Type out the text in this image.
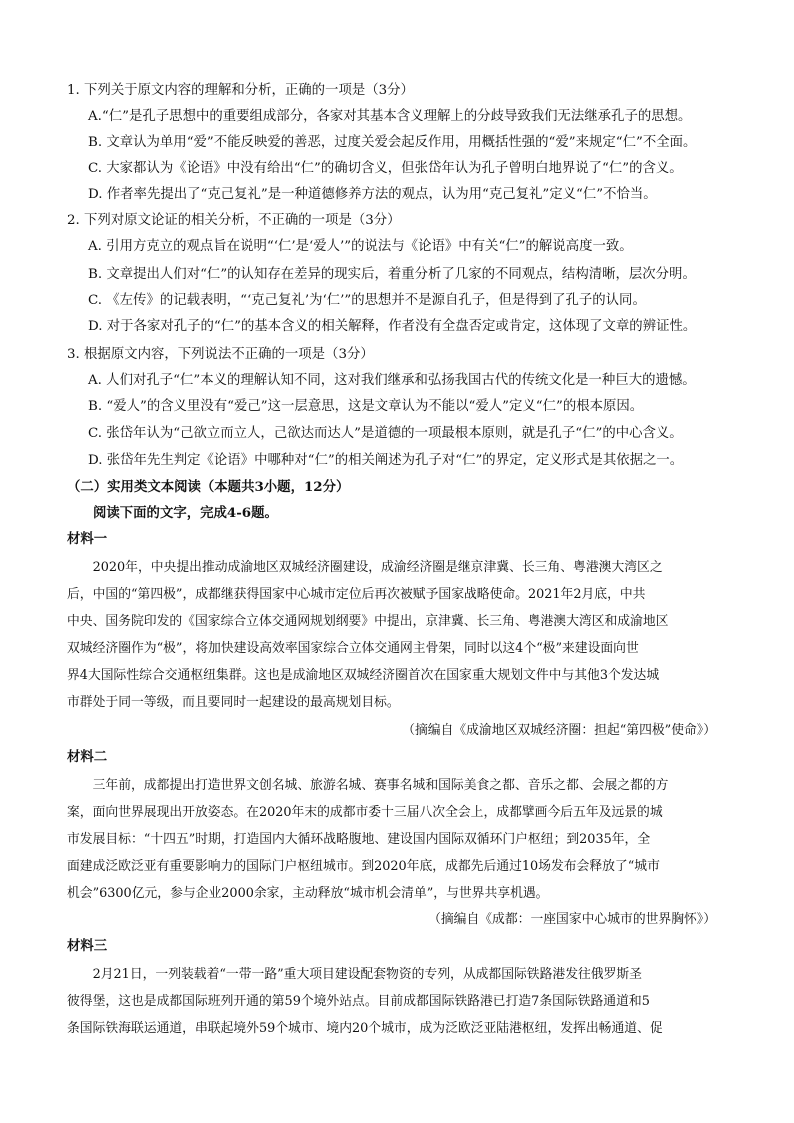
1. 下列关于原文内容的理解和分析，正确的一项是（3分）
A.“仁”是孔子思想中的重要组成部分，各家对其基本含义理解上的分歧导致我们无法继承孔子的思想。
B. 文章认为单用“爱”不能反映爱的善恶，过度关爱会起反作用，用概括性强的“爱”来规定“仁”不全面。
C. 大家都认为《论语》中没有给出“仁”的确切含义，但张岱年认为孔子曾明白地界说了“仁”的含义。
D. 作者率先提出了“克己复礼”是一种道德修养方法的观点，认为用“克己复礼”定义“仁”不恰当。
2. 下列对原文论证的相关分析，不正确的一项是（3分）
A. 引用方克立的观点旨在说明“‘仁’是‘爱人’”的说法与《论语》中有关“仁”的解说高度一致。
B. 文章提出人们对“仁”的认知存在差异的现实后，着重分析了几家的不同观点，结构清晰，层次分明。
C. 《左传》的记载表明，“‘克己复礼’为‘仁’”的思想并不是源自孔子，但是得到了孔子的认同。
D. 对于各家对孔子的“仁”的基本含义的相关解释，作者没有全盘否定或肯定，这体现了文章的辨证性。
3. 根据原文内容，下列说法不正确的一项是（3分）
A. 人们对孔子“仁”本义的理解认知不同，这对我们继承和弘扬我国古代的传统文化是一种巨大的遗憾。
B. “爱人”的含义里没有“爱己”这一层意思，这是文章认为不能以“爱人”定义“仁”的根本原因。
C. 张岱年认为“己欲立而立人，己欲达而达人”是道德的一项最根本原则，就是孔子“仁”的中心含义。
D. 张岱年先生判定《论语》中哪种对“仁”的相关阐述为孔子对“仁”的界定，定义形式是其依据之一。
（二）实用类文本阅读（本题共3小题，12分）
阅读下面的文字，完成4-6题。
材料一
　　2020年，中央提出推动成渝地区双城经济圈建设，成渝经济圈是继京津冀、长三角、粤港澳大湾区之
后，中国的“第四极”，成都继获得国家中心城市定位后再次被赋予国家战略使命。2021年2月底，中共
中央、国务院印发的《国家综合立体交通网规划纲要》中提出，京津冀、长三角、粤港澳大湾区和成渝地区
双城经济圈作为“极”，将加快建设高效率国家综合立体交通网主骨架，同时以这4个“极”来建设面向世
界4大国际性综合交通枢纽集群。这也是成渝地区双城经济圈首次在国家重大规划文件中与其他3个发达城
市群处于同一等级，而且要同时一起建设的最高规划目标。
（摘编自《成渝地区双城经济圈：担起“第四极”使命》）
材料二
　　三年前，成都提出打造世界文创名城、旅游名城、赛事名城和国际美食之都、音乐之都、会展之都的方
案，面向世界展现出开放姿态。在2020年末的成都市委十三届八次全会上，成都擘画今后五年及远景的城
市发展目标：“十四五”时期，打造国内大循环战略腹地、建设国内国际双循环门户枢纽；到2035年，全
面建成泛欧泛亚有重要影响力的国际门户枢纽城市。到2020年底，成都先后通过10场发布会释放了“城市
机会”6300亿元，参与企业2000余家，主动释放“城市机会清单”，与世界共享机遇。
（摘编自《成都：一座国家中心城市的世界胸怀》）
材料三
　　2月21日，一列装载着“一带一路”重大项目建设配套物资的专列，从成都国际铁路港发往俄罗斯圣
彼得堡，这也是成都国际班列开通的第59个境外站点。目前成都国际铁路港已打造7条国际铁路通道和5
条国际铁海联运通道，串联起境外59个城市、境内20个城市，成为泛欧泛亚陆港枢纽，发挥出畅通道、促
